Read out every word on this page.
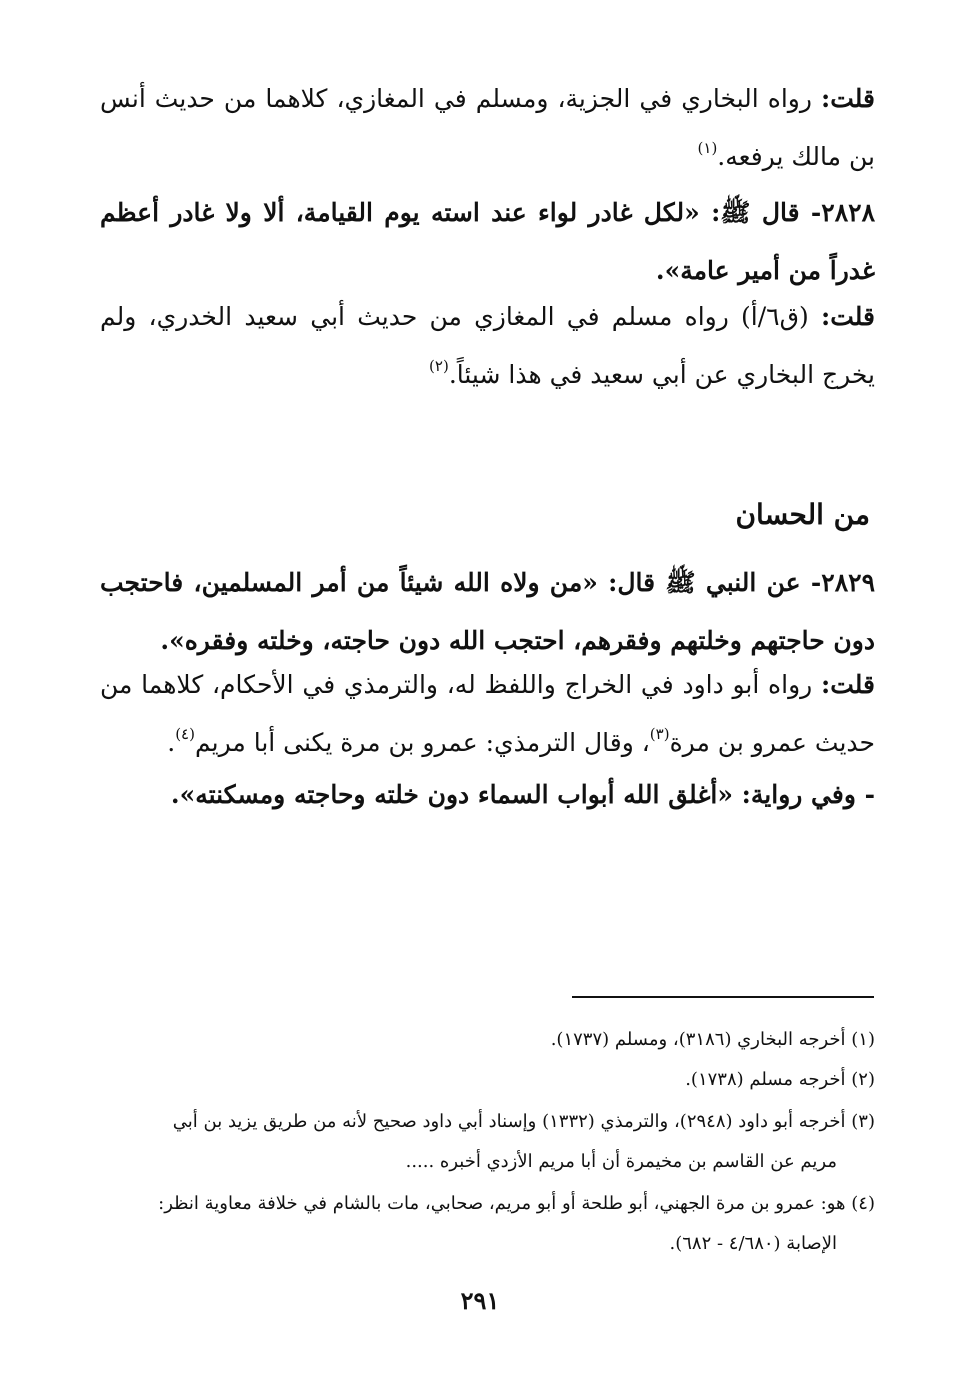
قلت: رواه البخاري في الجزية، ومسلم في المغازي، كلاهما من حديث أنس بن مالك يرفعه.$^{(١)}$

٢٨٢٨- قال ﷺ: «لكل غادر لواء عند استه يوم القيامة، ألا ولا غادر أعظم غدراً من أمير عامة».

قلت: (ق٦/أ) رواه مسلم في المغازي من حديث أبي سعيد الخدري، ولم يخرج البخاري عن أبي سعيد في هذا شيئاً.$^{(٢)}$

من الحسان

٢٨٢٩- عن النبي ﷺ قال: «من ولاه الله شيئاً من أمر المسلمين، فاحتجب دون حاجتهم وخلتهم وفقرهم، احتجب الله دون حاجته، وخلته وفقره».

قلت: رواه أبو داود في الخراج واللفظ له، والترمذي في الأحكام، كلاهما من حديث عمرو بن مرة$^{(٣)}$، وقال الترمذي: عمرو بن مرة يكنى أبا مريم$^{(٤)}$.

- وفي رواية: «أغلق الله أبواب السماء دون خلته وحاجته ومسكنته».

(١) أخرجه البخاري (٣١٨٦)، ومسلم (١٧٣٧).

(٢) أخرجه مسلم (١٧٣٨).

(٣) أخرجه أبو داود (٢٩٤٨)، والترمذي (١٣٣٢) وإسناد أبي داود صحيح لأنه من طريق يزيد بن أبي
مريم عن القاسم بن مخيمرة أن أبا مريم الأزدي أخبره .....

(٤) هو: عمرو بن مرة الجهني، أبو طلحة أو أبو مريم، صحابي، مات بالشام في خلافة معاوية انظر:
الإصابة (٤/٦٨٠ - ٦٨٢).

٢٩١
